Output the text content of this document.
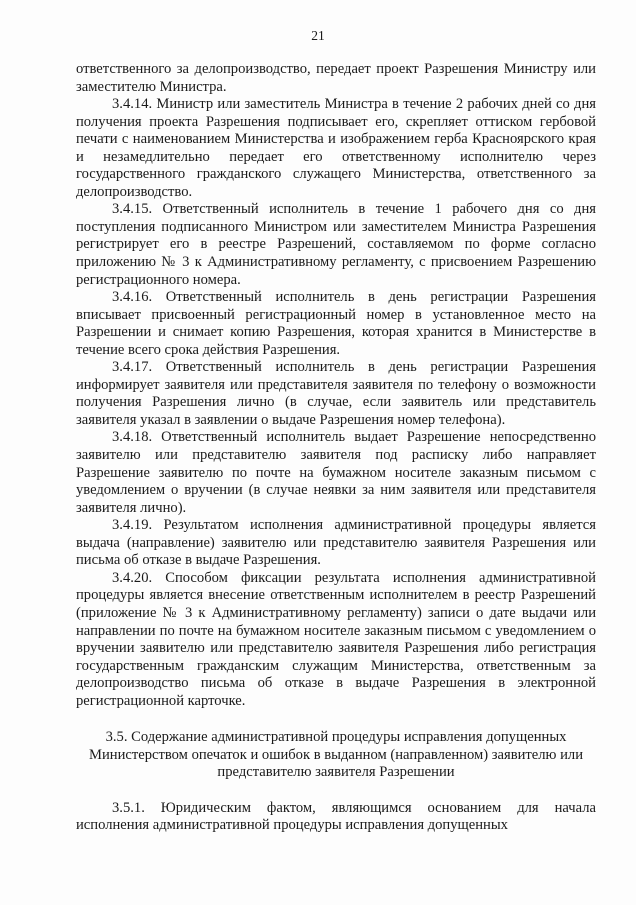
21

ответственного за делопроизводство, передает проект Разрешения Министру или заместителю Министра.

3.4.14. Министр или заместитель Министра в течение 2 рабочих дней со дня получения проекта Разрешения подписывает его, скрепляет оттиском гербовой печати с наименованием Министерства и изображением герба Красноярского края и незамедлительно передает его ответственному исполнителю через государственного гражданского служащего Министерства, ответственного за делопроизводство.

3.4.15. Ответственный исполнитель в течение 1 рабочего дня со дня поступления подписанного Министром или заместителем Министра Разрешения регистрирует его в реестре Разрешений, составляемом по форме согласно приложению № 3 к Административному регламенту, с присвоением Разрешению регистрационного номера.

3.4.16. Ответственный исполнитель в день регистрации Разрешения вписывает присвоенный регистрационный номер в установленное место на Разрешении и снимает копию Разрешения, которая хранится в Министерстве в течение всего срока действия Разрешения.

3.4.17. Ответственный исполнитель в день регистрации Разрешения информирует заявителя или представителя заявителя по телефону о возможности получения Разрешения лично (в случае, если заявитель или представитель заявителя указал в заявлении о выдаче Разрешения номер телефона).

3.4.18. Ответственный исполнитель выдает Разрешение непосредственно заявителю или представителю заявителя под расписку либо направляет Разрешение заявителю по почте на бумажном носителе заказным письмом с уведомлением о вручении (в случае неявки за ним заявителя или представителя заявителя лично).

3.4.19. Результатом исполнения административной процедуры является выдача (направление) заявителю или представителю заявителя Разрешения или письма об отказе в выдаче Разрешения.

3.4.20. Способом фиксации результата исполнения административной процедуры является внесение ответственным исполнителем в реестр Разрешений (приложение № 3 к Административному регламенту) записи о дате выдачи или направлении по почте на бумажном носителе заказным письмом с уведомлением о вручении заявителю или представителю заявителя Разрешения либо регистрация государственным гражданским служащим Министерства, ответственным за делопроизводство письма об отказе в выдаче Разрешения в электронной регистрационной карточке.

3.5. Содержание административной процедуры исправления допущенных Министерством опечаток и ошибок в выданном (направленном) заявителю или представителю заявителя Разрешении

3.5.1. Юридическим фактом, являющимся основанием для начала исполнения административной процедуры исправления допущенных
